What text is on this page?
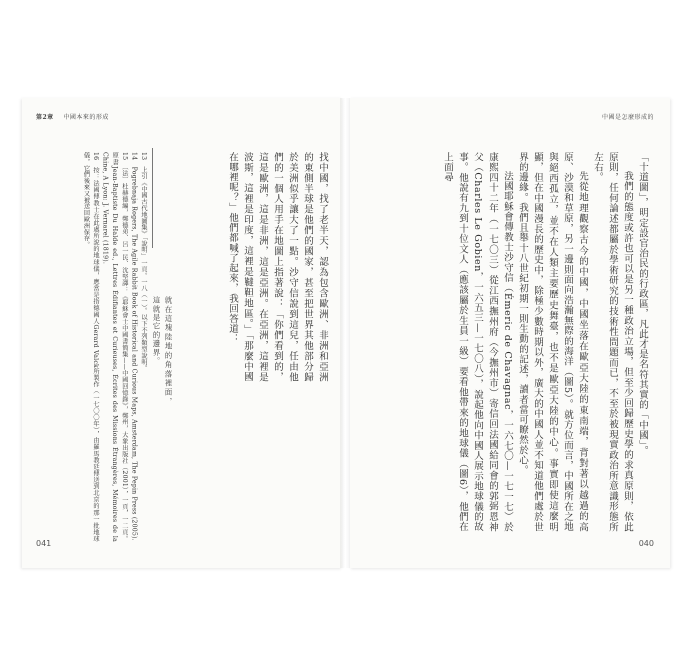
第2章 中國本來的形成

找中國，找了老半天，認為包含歐洲、非洲和亞洲的東側半球是他們的國家，甚至把世界其他部分歸於美洲似乎讓大了一點。沙守信說到這兒，任由他們的一個人用手在地圖上指著說：「你們看到的，這是歐洲，這是非洲，這是亞洲。在亞洲，這裡是波斯，這裡是印度，這裡是韃靼地區。」「那麼中國在哪裡呢？」他們都喊了起來，我回答道：

就在這塊陸地的角落裡面，這就是它的邊界。

13　上引《中國古代地圖集》「說明」一頁。一八（一）。以下不列類型說明。

14　Pogrebnaja Rogers, The Agile Rabbit Book of Historical and Curious Maps, Amsterdam, The Pepin Press (2005).

15　〔法〕杜赫德編，鄭德弟、呂一民、沈堅譯：《耶穌會士中國書簡集——中國回憶錄》，鄭州，大象出版社（2001），一頁，一二頁。原書Jean-Baptiste Du Halde ed., Lettres Édifiantes et Curieuses, Écrites des Missions Étrangères, Mémoires de la Chine, A Lyon: J. Vernarel (1819).

16　按：法國傳教士在此處所說的地球儀，應當是指德國人Gerard Valck所製作（一七〇〇年），由羅馬教廷傳送到北京的那一批地球儀，它們後來又被送回歐洲保存。

041
中國是怎麼形成的

「十道圖」，明定設官治民的行政區，凡此才是名符其實的「中國」。

我們的態度或許也可以是另一種政治立場，但至少回歸歷史學的求真原則，依此原則，任何論述都屬於學術研究的技術性問題而已，不至於被現實政治所意識形態所左右。

先從地理觀察古今的中國，中國坐落在歐亞大陸的東南端，背對著以越過的高原、沙漠和草原，另一邊則面向浩瀚無際的海洋（圖5）。就方位而言，中國所在之地與絕西孤立，並不在人類主要歷史舞臺，也不是歐亞大陸的中心。事實即使這麼明顯，但在中國漫長的歷史中，除極少數時期以外，廣大的中國人並不知道他們處於世界的邊緣。我們且舉十八世紀初期一則生動的記述，讀者當可瞭然於心。

法國耶穌會傳教士沙守信（Émeric de Chavagnac，一六七〇—一七一七）於康熙四十二年（一七〇三）從江西撫州府（今撫州市）寄信回法國給同會的郭弼恩神父（Charles Le Gobien，一六五三—一七〇八），說起他向中國人展示地球儀的故事。他說有九到十位文人（應該屬於生員一級）要看他帶來的地球儀（圖6），他們在上面尋

040
